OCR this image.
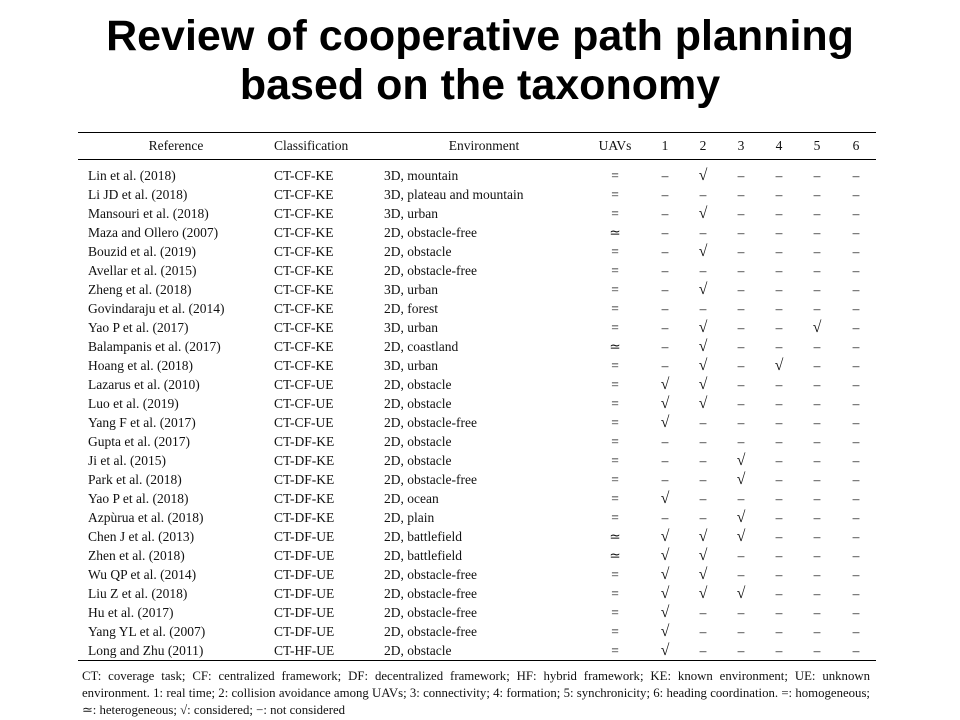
Review of cooperative path planning
based on the taxonomy
Reference	Classification	Environment	UAVs	1	2	3	4	5	6
Lin et al. (2018)	CT-CF-KE	3D, mountain	=	–	√	–	–	–	–
Li JD et al. (2018)	CT-CF-KE	3D, plateau and mountain	=	–	–	–	–	–	–
Mansouri et al. (2018)	CT-CF-KE	3D, urban	=	–	√	–	–	–	–
Maza and Ollero (2007)	CT-CF-KE	2D, obstacle-free	≃	–	–	–	–	–	–
Bouzid et al. (2019)	CT-CF-KE	2D, obstacle	=	–	√	–	–	–	–
Avellar et al. (2015)	CT-CF-KE	2D, obstacle-free	=	–	–	–	–	–	–
Zheng et al. (2018)	CT-CF-KE	3D, urban	=	–	√	–	–	–	–
Govindaraju et al. (2014)	CT-CF-KE	2D, forest	=	–	–	–	–	–	–
Yao P et al. (2017)	CT-CF-KE	3D, urban	=	–	√	–	–	√	–
Balampanis et al. (2017)	CT-CF-KE	2D, coastland	≃	–	√	–	–	–	–
Hoang et al. (2018)	CT-CF-KE	3D, urban	=	–	√	–	√	–	–
Lazarus et al. (2010)	CT-CF-UE	2D, obstacle	=	√	√	–	–	–	–
Luo et al. (2019)	CT-CF-UE	2D, obstacle	=	√	√	–	–	–	–
Yang F et al. (2017)	CT-CF-UE	2D, obstacle-free	=	√	–	–	–	–	–
Gupta et al. (2017)	CT-DF-KE	2D, obstacle	=	–	–	–	–	–	–
Ji et al. (2015)	CT-DF-KE	2D, obstacle	=	–	–	√	–	–	–
Park et al. (2018)	CT-DF-KE	2D, obstacle-free	=	–	–	√	–	–	–
Yao P et al. (2018)	CT-DF-KE	2D, ocean	=	√	–	–	–	–	–
Azpùrua et al. (2018)	CT-DF-KE	2D, plain	=	–	–	√	–	–	–
Chen J et al. (2013)	CT-DF-UE	2D, battlefield	≃	√	√	√	–	–	–
Zhen et al. (2018)	CT-DF-UE	2D, battlefield	≃	√	√	–	–	–	–
Wu QP et al. (2014)	CT-DF-UE	2D, obstacle-free	=	√	√	–	–	–	–
Liu Z et al. (2018)	CT-DF-UE	2D, obstacle-free	=	√	√	√	–	–	–
Hu et al. (2017)	CT-DF-UE	2D, obstacle-free	=	√	–	–	–	–	–
Yang YL et al. (2007)	CT-DF-UE	2D, obstacle-free	=	√	–	–	–	–	–
Long and Zhu (2011)	CT-HF-UE	2D, obstacle	=	√	–	–	–	–	–
CT: coverage task; CF: centralized framework; DF: decentralized framework; HF: hybrid framework; KE: known environment; UE: unknown environment. 1: real time; 2: collision avoidance among UAVs; 3: connectivity; 4: formation; 5: synchronicity; 6: heading coordination. =: homogeneous; ≃: heterogeneous; √: considered; −: not considered
